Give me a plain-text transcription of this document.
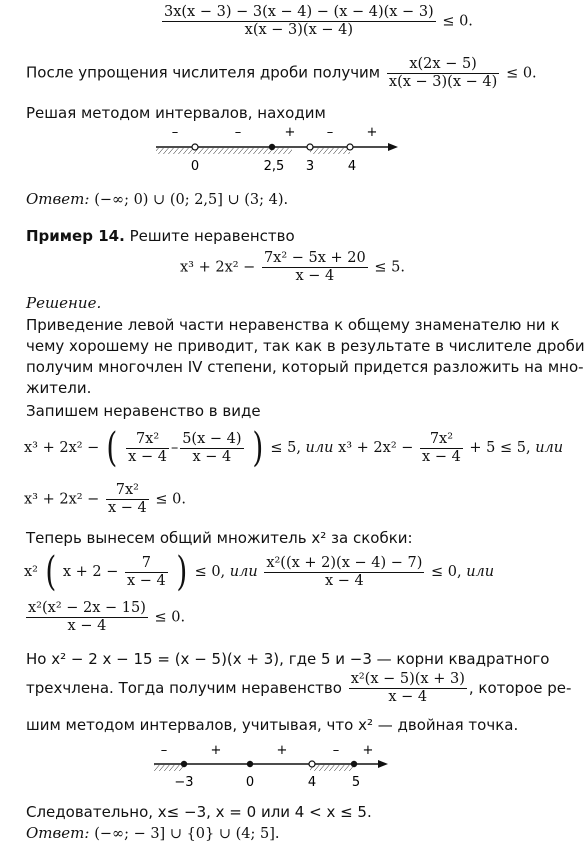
$\frac{3x(x - 3) - 3(x - 4) - (x - 4)(x - 3)}{x(x - 3)(x - 4)} \le 0$.
После упрощения числителя дроби получим $\frac{x(2x - 5)}{x(x - 3)(x - 4)} \le 0$.
Решая методом интервалов, находим
–	–	+ –	+
0	2,5 3	4
Ответ: (−∞; 0) ∪ (0; 2,5] ∪ (3; 4).
Пример 14. Решите неравенство
$x^3 + 2x^2 - \frac{\text{7x² − 5x + 20}}{x - 4} \le 5$.
Решение.
Приведение левой части неравенства к общему знаменателю ни к
чему хорошему не приводит, так как в результате в числителе дроби
получим многочлен IV степени, который придется разложить на мно-
жители.
Запишем неравенство в виде
x³ + 2x² − ( $\frac{\text{7x²}}{x - 4} - \frac{5(x - 4)}{x - 4}$ ) ≤ 5, или $x^3 + 2x^2 - \frac{\text{7x²}}{x - 4} + 5 \le 5$, или
$x^3 + 2x^2 - \frac{\text{7x²}}{x - 4} \le 0$.
Теперь вынесем общий множитель x² за скобки:
x² ( $x + 2 - \frac{7}{x - 4}$ ) ≤ 0, или $\frac{\text{x²((x + 2)(x − 4) − 7)}}{x - 4} \le 0$, или
$\frac{\text{x²(x² − 2x − 15)}}{x - 4} \le 0$.
Но x² − 2 x − 15 = (x − 5)(x + 3), где 5 и −3 — корни квадратного
трехчлена. Тогда получим неравенство $\frac{\text{x²(x − 5)(x + 3)}}{x - 4}$ , которое ре-
шим методом интервалов, учитывая, что x² — двойная точка.
–	+	+	– +
−3	0	4	5
Следовательно, x≤ −3, x = 0 или 4 < x ≤ 5.
Ответ: (−∞; − 3] ∪ {0} ∪ (4; 5].
